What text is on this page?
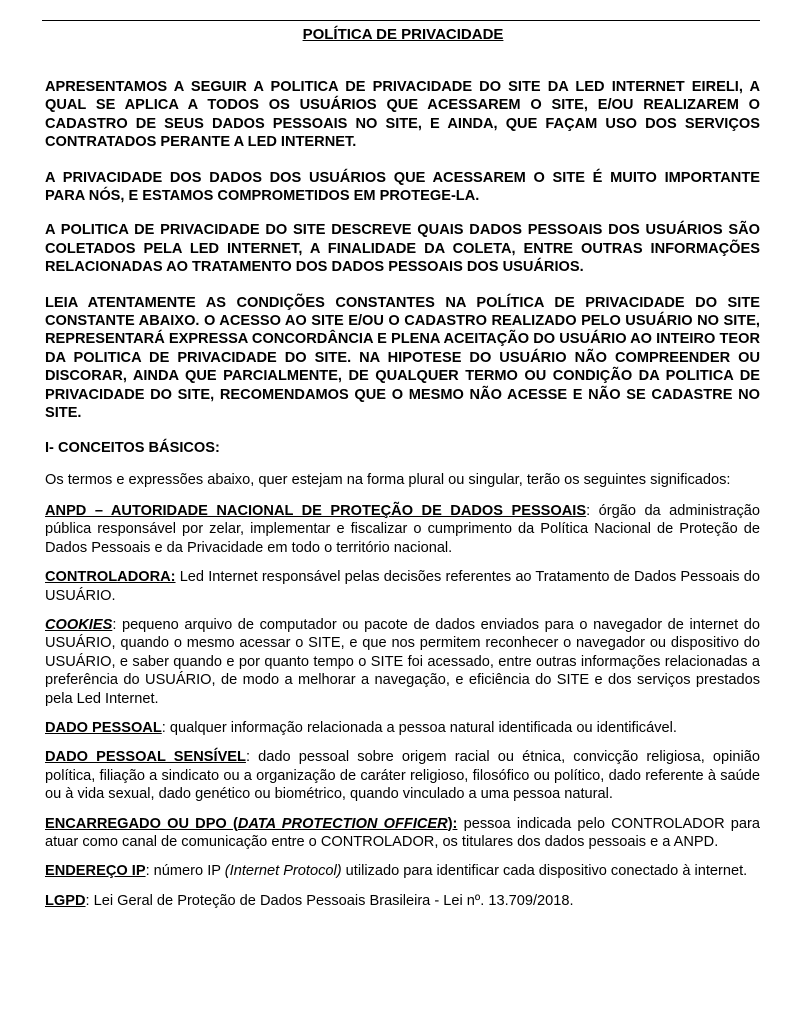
POLÍTICA DE PRIVACIDADE

APRESENTAMOS A SEGUIR A POLITICA DE PRIVACIDADE DO SITE DA LED INTERNET EIRELI, A QUAL SE APLICA A TODOS OS USUÁRIOS QUE ACESSAREM O SITE, E/OU REALIZAREM O CADASTRO DE SEUS DADOS PESSOAIS NO SITE, E AINDA, QUE FAÇAM USO DOS SERVIÇOS CONTRATADOS PERANTE A LED INTERNET.

A PRIVACIDADE DOS DADOS DOS USUÁRIOS QUE ACESSAREM O SITE É MUITO IMPORTANTE PARA NÓS, E ESTAMOS COMPROMETIDOS EM PROTEGE-LA.

A POLITICA DE PRIVACIDADE DO SITE DESCREVE QUAIS DADOS PESSOAIS DOS USUÁRIOS SÃO COLETADOS PELA LED INTERNET, A FINALIDADE DA COLETA, ENTRE OUTRAS INFORMAÇÕES RELACIONADAS AO TRATAMENTO DOS DADOS PESSOAIS DOS USUÁRIOS.

LEIA ATENTAMENTE AS CONDIÇÕES CONSTANTES NA POLÍTICA DE PRIVACIDADE DO SITE CONSTANTE ABAIXO. O ACESSO AO SITE E/OU O CADASTRO REALIZADO PELO USUÁRIO NO SITE, REPRESENTARÁ EXPRESSA CONCORDÂNCIA E PLENA ACEITAÇÃO DO USUÁRIO AO INTEIRO TEOR DA POLITICA DE PRIVACIDADE DO SITE. NA HIPOTESE DO USUÁRIO NÃO COMPREENDER OU DISCORAR, AINDA QUE PARCIALMENTE, DE QUALQUER TERMO OU CONDIÇÃO DA POLITICA DE PRIVACIDADE DO SITE, RECOMENDAMOS QUE O MESMO NÃO ACESSE E NÃO SE CADASTRE NO SITE.

I- CONCEITOS BÁSICOS:

Os termos e expressões abaixo, quer estejam na forma plural ou singular, terão os seguintes significados:

ANPD – AUTORIDADE NACIONAL DE PROTEÇÃO DE DADOS PESSOAIS: órgão da administração pública responsável por zelar, implementar e fiscalizar o cumprimento da Política Nacional de Proteção de Dados Pessoais e da Privacidade em todo o território nacional.

CONTROLADORA: Led Internet responsável pelas decisões referentes ao Tratamento de Dados Pessoais do USUÁRIO.

COOKIES: pequeno arquivo de computador ou pacote de dados enviados para o navegador de internet do USUÁRIO, quando o mesmo acessar o SITE, e que nos permitem reconhecer o navegador ou dispositivo do USUÁRIO, e saber quando e por quanto tempo o SITE foi acessado, entre outras informações relacionadas a preferência do USUÁRIO, de modo a melhorar a navegação, e eficiência do SITE e dos serviços prestados pela Led Internet.

DADO PESSOAL: qualquer informação relacionada a pessoa natural identificada ou identificável.

DADO PESSOAL SENSÍVEL: dado pessoal sobre origem racial ou étnica, convicção religiosa, opinião política, filiação a sindicato ou a organização de caráter religioso, filosófico ou político, dado referente à saúde ou à vida sexual, dado genético ou biométrico, quando vinculado a uma pessoa natural.

ENCARREGADO OU DPO (DATA PROTECTION OFFICER): pessoa indicada pelo CONTROLADOR para atuar como canal de comunicação entre o CONTROLADOR, os titulares dos dados pessoais e a ANPD.

ENDEREÇO IP: número IP (Internet Protocol) utilizado para identificar cada dispositivo conectado à internet.

LGPD: Lei Geral de Proteção de Dados Pessoais Brasileira - Lei nº. 13.709/2018.
